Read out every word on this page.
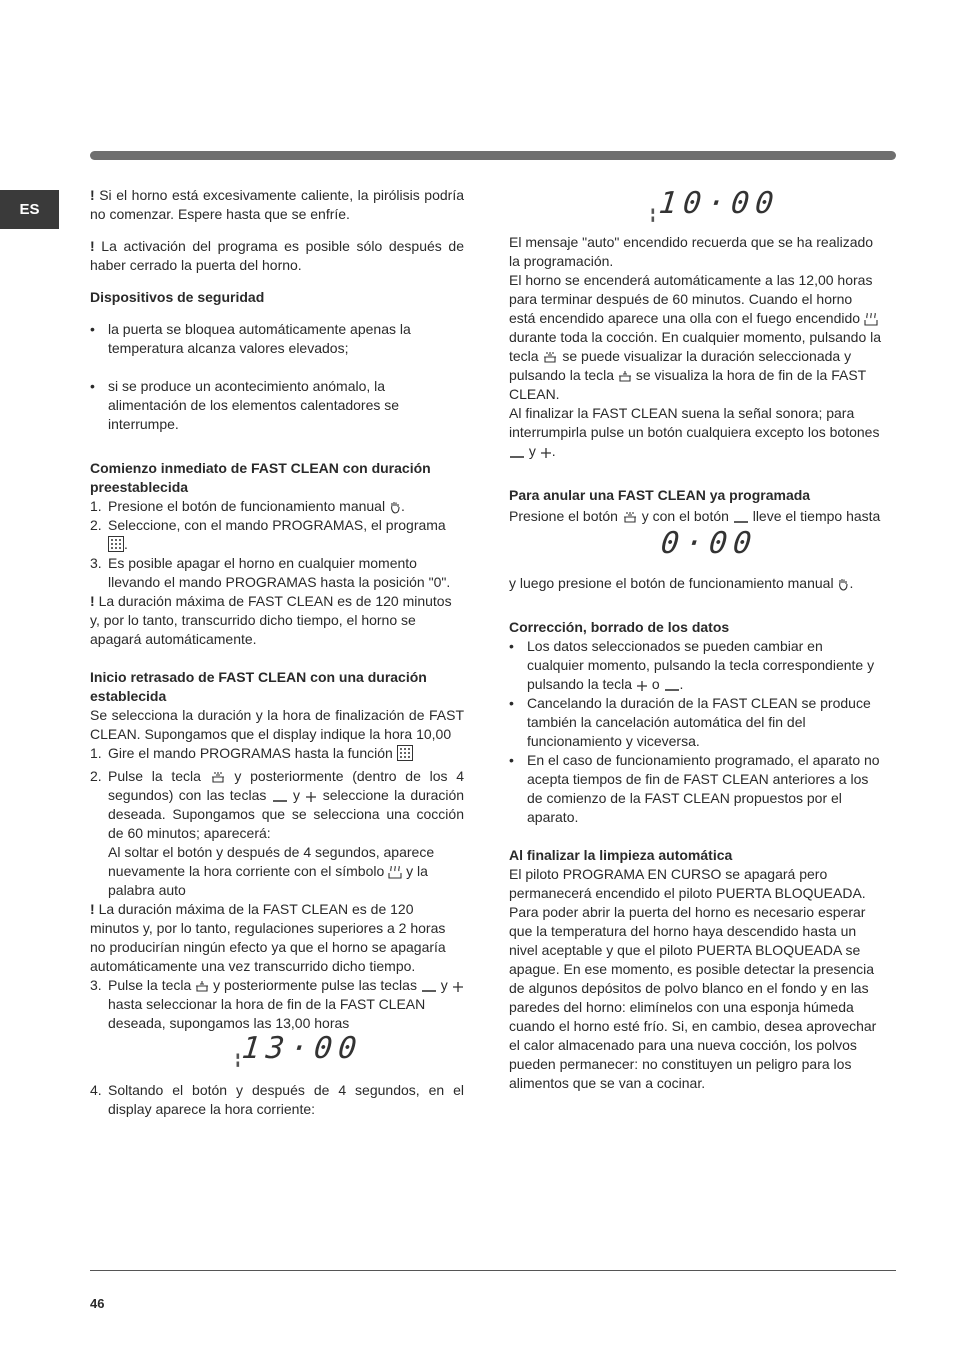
ES

! Si el horno está excesivamente caliente, la pirólisis podría no comenzar. Espere hasta que se enfríe.

! La activación del programa es posible sólo después de haber cerrado la puerta del horno.

Dispositivos de seguridad

• la puerta se bloquea automáticamente apenas la temperatura alcanza valores elevados;

• si se produce un acontecimiento anómalo, la alimentación de los elementos calentadores se interrumpe.

Comienzo inmediato de FAST CLEAN con duración preestablecida

1. Presione el botón de funcionamiento manual .

2. Seleccione, con el mando PROGRAMAS, el programa .

3. Es posible apagar el horno en cualquier momento llevando el mando PROGRAMAS hasta la posición "0".

! La duración máxima de FAST CLEAN es de 120 minutos y, por lo tanto, transcurrido dicho tiempo, el horno se apagará automáticamente.

Inicio retrasado de FAST CLEAN con una duración establecida

Se selecciona la duración y la hora de finalización de FAST CLEAN. Supongamos que el display indique la hora 10,00

1. Gire el mando PROGRAMAS hasta la función

2. Pulse la tecla y posteriormente (dentro de los 4 segundos) con las teclas y seleccione la duración deseada. Supongamos que se selecciona una cocción de 60 minutos; aparecerá:

Al soltar el botón y después de 4 segundos, aparece nuevamente la hora corriente con el símbolo y la palabra auto

! La duración máxima de la FAST CLEAN es de 120 minutos y, por lo tanto, regulaciones superiores a 2 horas no producirían ningún efecto ya que el horno se apagaría automáticamente una vez transcurrido dicho tiempo.

3. Pulse la tecla y posteriormente pulse las teclas y  hasta seleccionar la hora de fin de la FAST CLEAN deseada, supongamos las 13,00 horas

▮
▮ 13·00

4. Soltando el botón y después de 4 segundos, en el display aparece la hora corriente:

▮
▮ 10·00

El mensaje "auto" encendido recuerda que se ha realizado la programación.

El horno se encenderá automáticamente a las 12,00 horas para terminar después de 60 minutos. Cuando el horno está encendido aparece una olla con el fuego encendido  durante toda la cocción. En cualquier momento, pulsando la tecla se puede visualizar la duración seleccionada y pulsando la tecla se visualiza la hora de fin de la FAST CLEAN.

Al finalizar la FAST CLEAN suena la señal sonora; para interrumpirla pulse un botón cualquiera excepto los botones  y .

Para anular una FAST CLEAN ya programada

Presione el botón y con el botón lleve el tiempo hasta

0·00

y luego presione el botón de funcionamiento manual .

Corrección, borrado de los datos

• Los datos seleccionados se pueden cambiar en cualquier momento, pulsando la tecla correspondiente y pulsando la tecla o .

• Cancelando la duración de la FAST CLEAN se produce también la cancelación automática del fin del funcionamiento y viceversa.

• En el caso de funcionamiento programado, el aparato no acepta tiempos de fin de FAST CLEAN anteriores a los de comienzo de la FAST CLEAN propuestos por el aparato.

Al finalizar la limpieza automática

El piloto PROGRAMA EN CURSO se apagará pero permanecerá encendido el piloto PUERTA BLOQUEADA. Para poder abrir la puerta del horno es necesario esperar que la temperatura del horno haya descendido hasta un nivel aceptable y que el piloto PUERTA BLOQUEADA se apague. En ese momento, es posible detectar la presencia de algunos depósitos de polvo blanco en el fondo y en las paredes del horno: elimínelos con una esponja húmeda cuando el horno esté frío. Si, en cambio, desea aprovechar el calor almacenado para una nueva cocción, los polvos pueden permanecer: no constituyen un peligro para los alimentos que se van a cocinar.

46
